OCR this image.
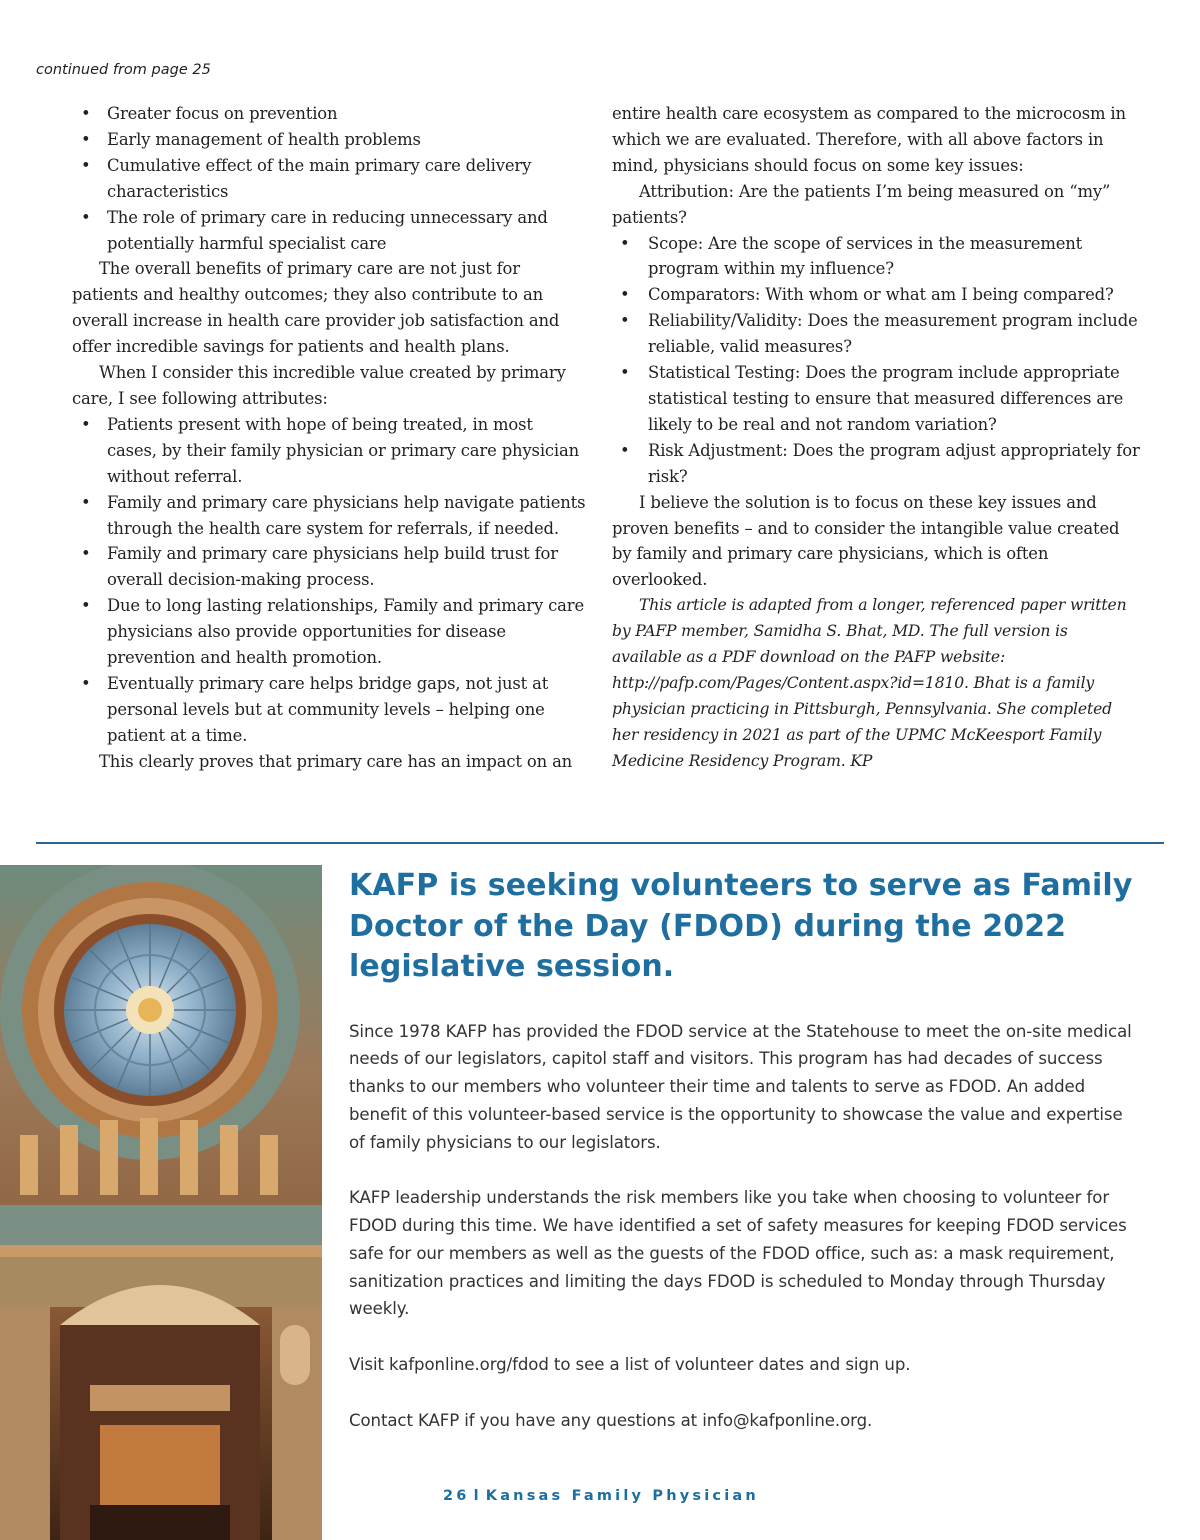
continued from page 25
• Greater focus on prevention
• Early management of health problems
• Cumulative effect of the main primary care delivery characteristics
• The role of primary care in reducing unnecessary and potentially harmful specialist care

The overall benefits of primary care are not just for patients and healthy outcomes; they also contribute to an overall increase in health care provider job satisfaction and offer incredible savings for patients and health plans.

When I consider this incredible value created by primary care, I see following attributes:

• Patients present with hope of being treated, in most cases, by their family physician or primary care physician without referral.
• Family and primary care physicians help navigate patients through the health care system for referrals, if needed.
• Family and primary care physicians help build trust for overall decision-making process.
• Due to long lasting relationships, Family and primary care physicians also provide opportunities for disease prevention and health promotion.
• Eventually primary care helps bridge gaps, not just at personal levels but at community levels – helping one patient at a time.

This clearly proves that primary care has an impact on an

entire health care ecosystem as compared to the microcosm in which we are evaluated. Therefore, with all above factors in mind, physicians should focus on some key issues:

Attribution: Are the patients I’m being measured on “my” patients?

• Scope: Are the scope of services in the measurement program within my influence?
• Comparators: With whom or what am I being compared?
• Reliability/Validity: Does the measurement program include reliable, valid measures?
• Statistical Testing: Does the program include appropriate statistical testing to ensure that measured differences are likely to be real and not random variation?
• Risk Adjustment: Does the program adjust appropriately for risk?

I believe the solution is to focus on these key issues and proven benefits – and to consider the intangible value created by family and primary care physicians, which is often overlooked.

This article is adapted from a longer, referenced paper written by PAFP member, Samidha S. Bhat, MD. The full version is available as a PDF download on the PAFP website: http://pafp.com/Pages/Content.aspx?id=1810. Bhat is a family physician practicing in Pittsburgh, Pennsylvania. She completed her residency in 2021 as part of the UPMC McKeesport Family Medicine Residency Program. KP

KAFP is seeking volunteers to serve as Family Doctor of the Day (FDOD) during the 2022 legislative session.

Since 1978 KAFP has provided the FDOD service at the Statehouse to meet the on-site medical needs of our legislators, capitol staff and visitors. This program has had decades of success thanks to our members who volunteer their time and talents to serve as FDOD. An added benefit of this volunteer-based service is the opportunity to showcase the value and expertise of family physicians to our legislators.

KAFP leadership understands the risk members like you take when choosing to volunteer for FDOD during this time. We have identified a set of safety measures for keeping FDOD services safe for our members as well as the guests of the FDOD office, such as: a mask requirement, sanitization practices and limiting the days FDOD is scheduled to Monday through Thursday weekly.

Visit kafponline.org/fdod to see a list of volunteer dates and sign up.

Contact KAFP if you have any questions at info@kafponline.org.

26 l Kansas Family Physician
